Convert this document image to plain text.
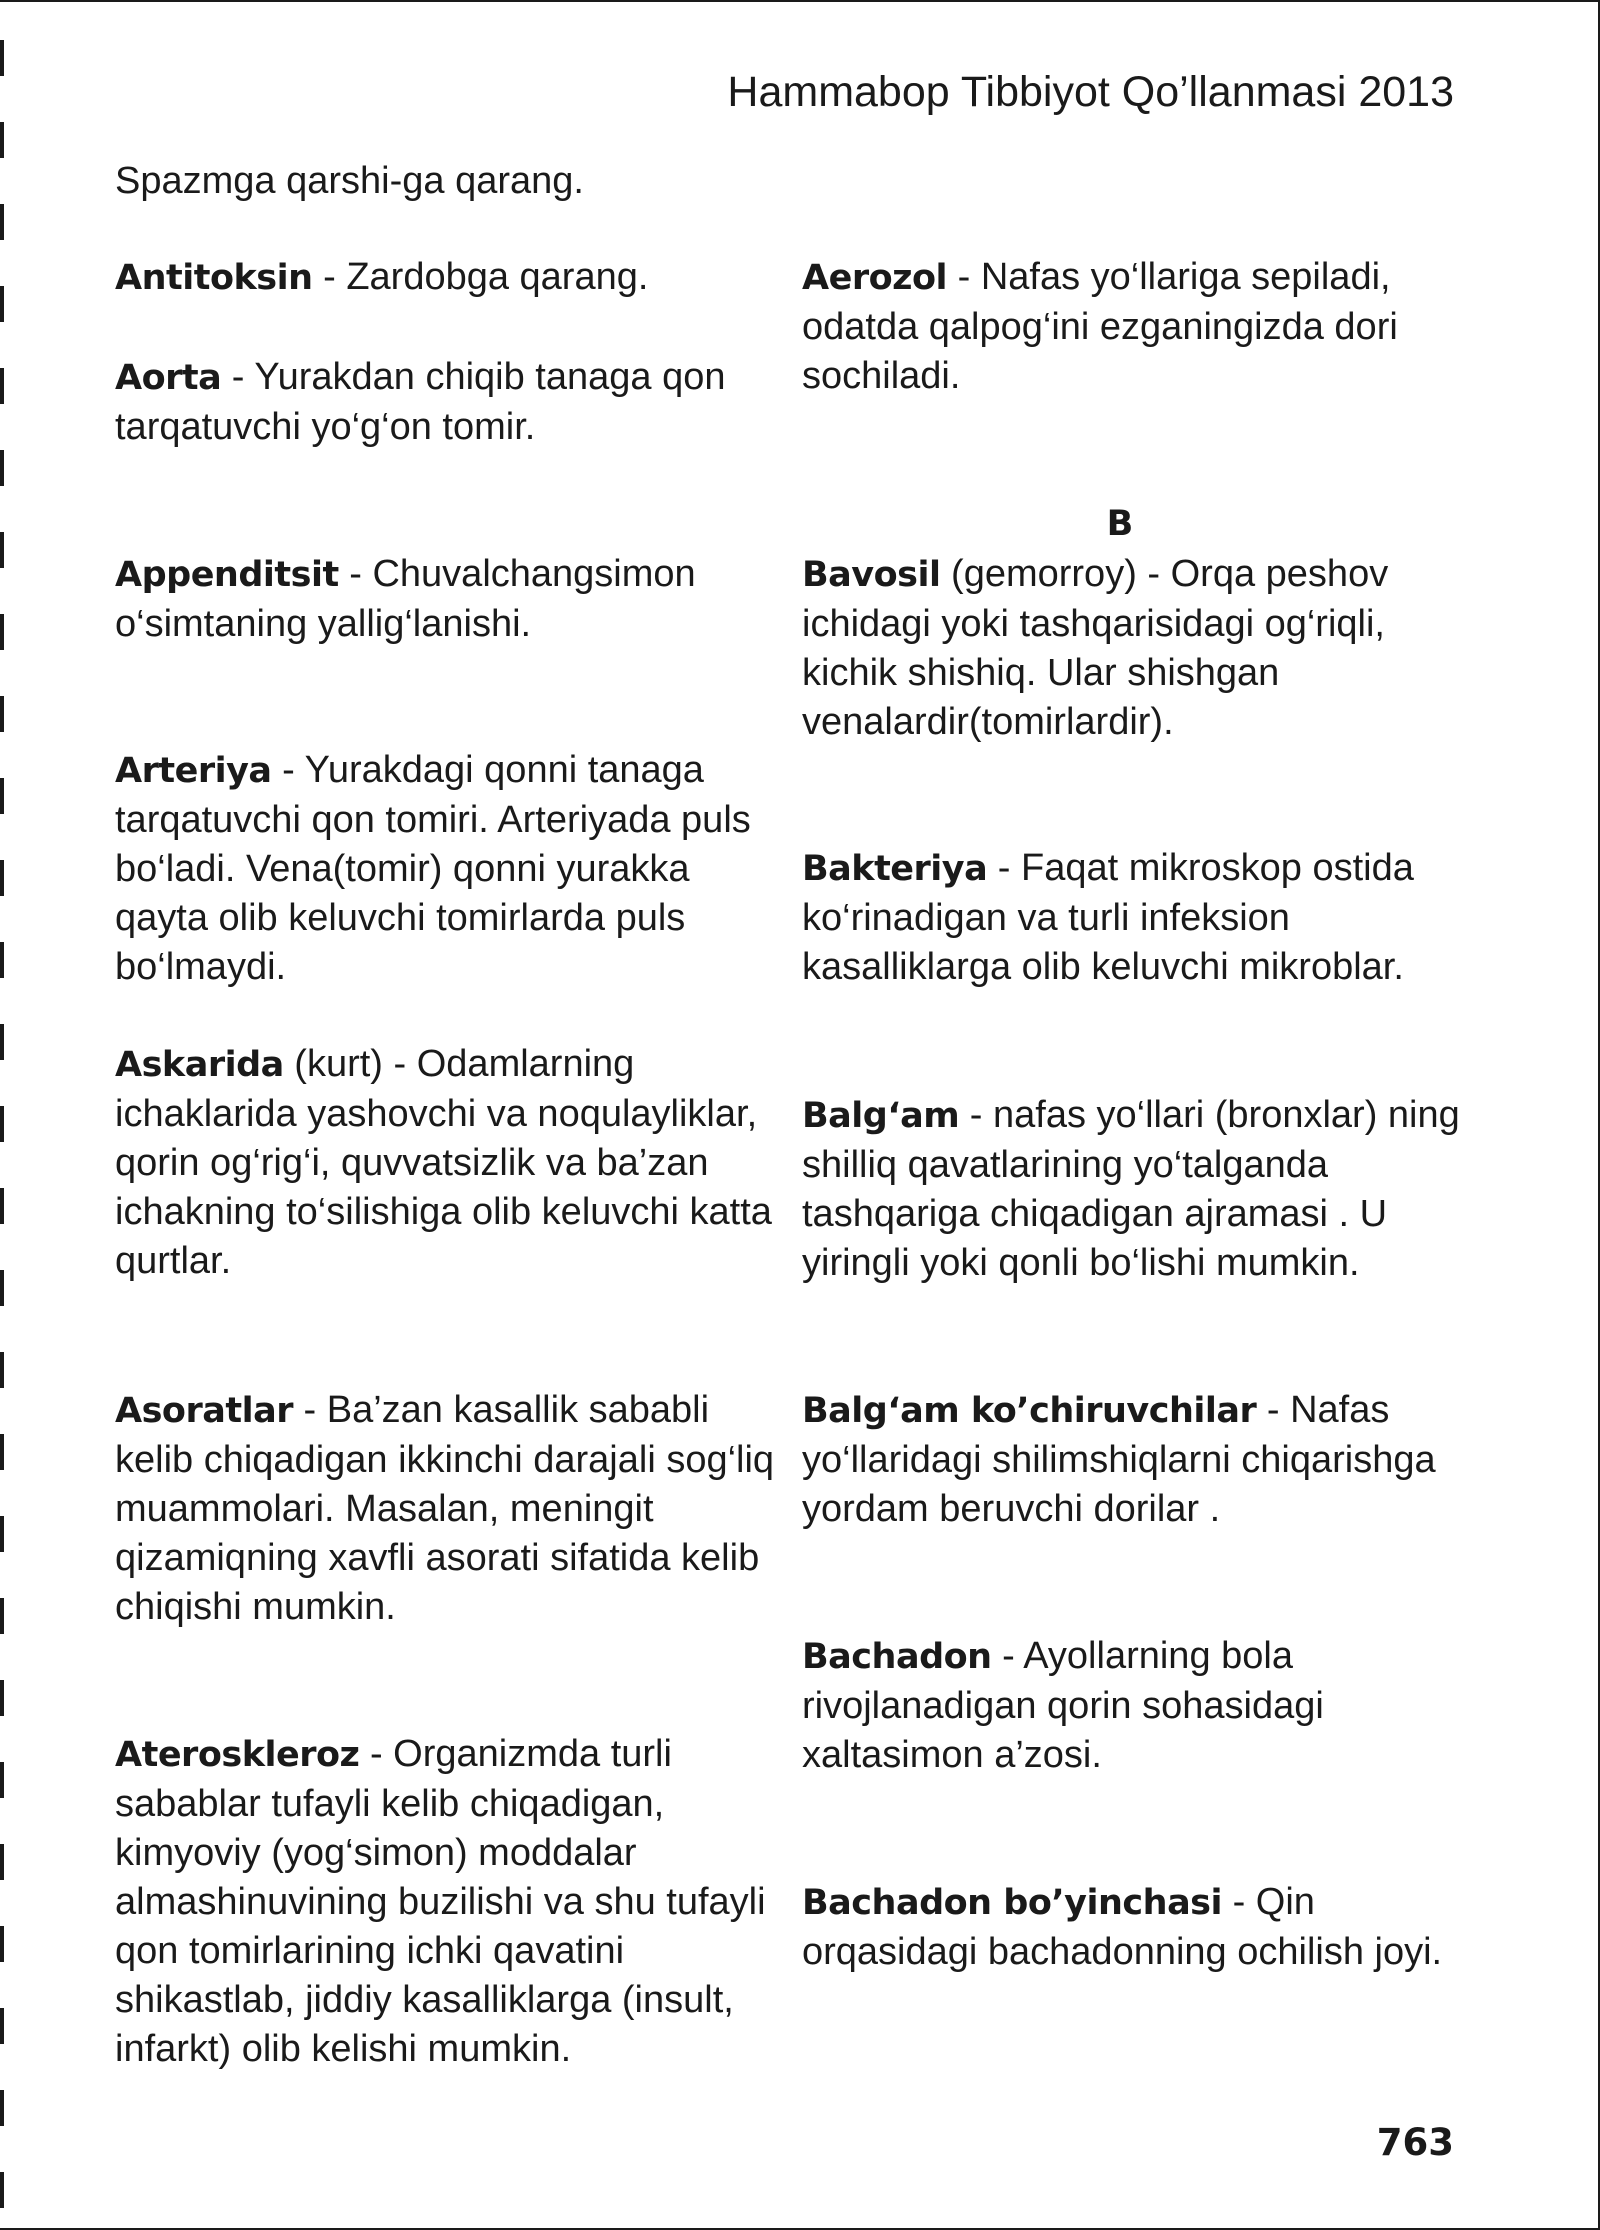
Hammabop Tibbiyot Qo’llanmasi 2013

Spazmga qarshi-ga qarang.

Antitoksin - Zardobga qarang.

Aorta - Yurakdan chiqib tanaga qon tarqatuvchi yo‘g‘on tomir.

Appenditsit - Chuvalchangsimon o‘simtaning yallig‘lanishi.

Arteriya - Yurakdagi qonni tanaga tarqatuvchi qon tomiri. Arteriyada puls bo‘ladi. Vena(tomir) qonni yurakka qayta olib keluvchi tomirlarda puls bo‘lmaydi.

Askarida (kurt) - Odamlarning ichaklarida yashovchi va noqulayliklar, qorin og‘rig‘i, quvvatsizlik va ba’zan ichakning to‘silishiga olib keluvchi katta qurtlar.

Asoratlar - Ba’zan kasallik sababli kelib chiqadigan ikkinchi darajali sog‘liq muammolari. Masalan, meningit qizamiqning xavfli asorati sifatida kelib chiqishi mumkin.

Ateroskleroz - Organizmda turli sabablar tufayli kelib chiqadigan, kimyoviy (yog‘simon) moddalar almashinuvining buzilishi va shu tufayli qon tomirlarining ichki qavatini shikastlab, jiddiy kasalliklarga (insult, infarkt) olib kelishi mumkin.

Aerozol - Nafas yo‘llariga sepiladi, odatda qalpog‘ini ezganingizda dori sochiladi.

B

Bavosil (gemorroy) - Orqa peshov ichidagi yoki tashqarisidagi og‘riqli, kichik shishiq. Ular shishgan venalardir(tomirlardir).

Bakteriya - Faqat mikroskop ostida ko‘rinadigan va turli infeksion kasalliklarga olib keluvchi mikroblar.

Balg‘am - nafas yo‘llari (bronxlar) ning shilliq qavatlarining yo‘talganda tashqariga chiqadigan ajramasi . U yiringli yoki qonli bo‘lishi mumkin.

Balg‘am ko’chiruvchilar - Nafas yo‘llaridagi shilimshiqlarni chiqarishga yordam beruvchi dorilar .

Bachadon - Ayollarning bola rivojlanadigan qorin sohasidagi xaltasimon a’zosi.

Bachadon bo’yinchasi - Qin orqasidagi bachadonning ochilish joyi.

763
